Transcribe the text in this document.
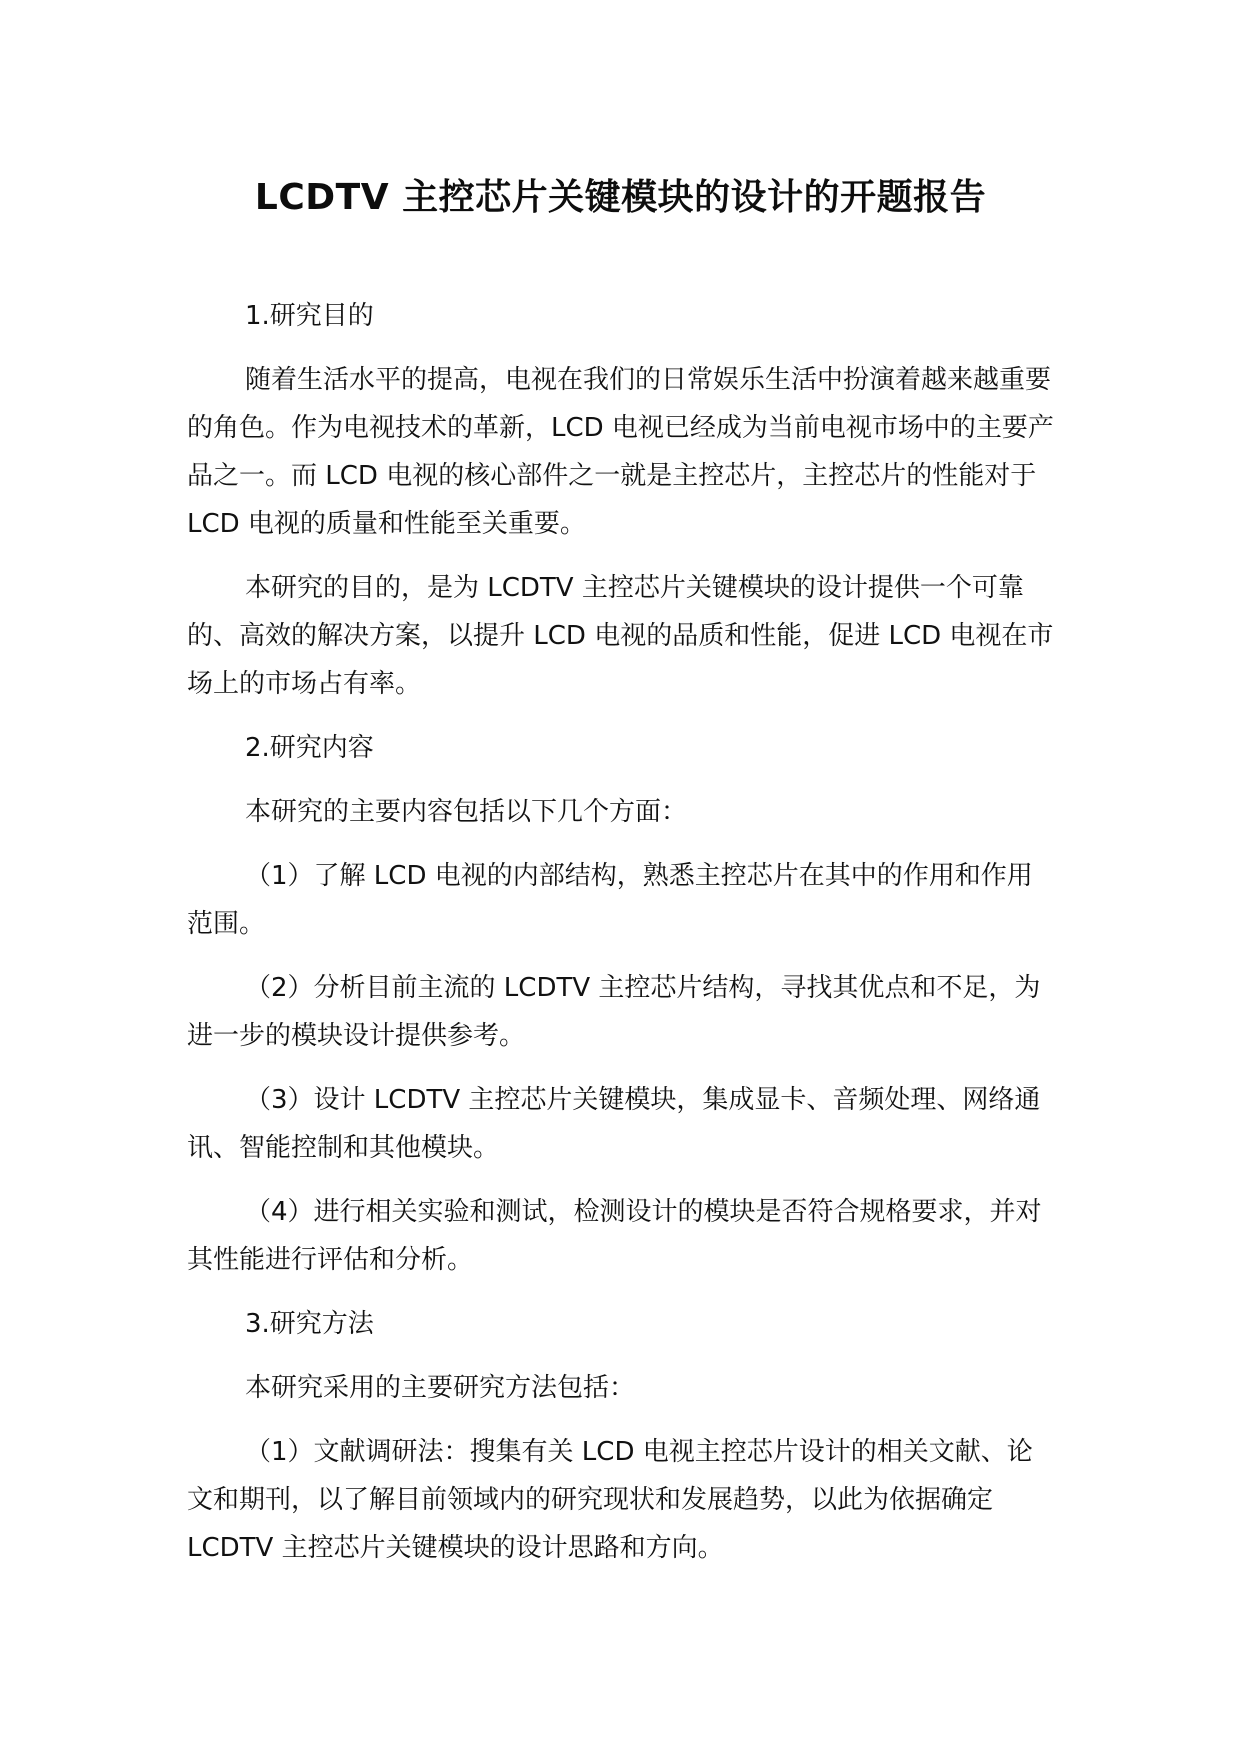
LCDTV 主控芯片关键模块的设计的开题报告

1.研究目的

随着生活水平的提高，电视在我们的日常娱乐生活中扮演着越来越重要的角色。作为电视技术的革新，LCD 电视已经成为当前电视市场中的主要产品之一。而 LCD 电视的核心部件之一就是主控芯片，主控芯片的性能对于 LCD 电视的质量和性能至关重要。

本研究的目的，是为 LCDTV 主控芯片关键模块的设计提供一个可靠的、高效的解决方案，以提升 LCD 电视的品质和性能，促进 LCD 电视在市场上的市场占有率。

2.研究内容

本研究的主要内容包括以下几个方面：

（1）了解 LCD 电视的内部结构，熟悉主控芯片在其中的作用和作用范围。

（2）分析目前主流的 LCDTV 主控芯片结构，寻找其优点和不足，为进一步的模块设计提供参考。

（3）设计 LCDTV 主控芯片关键模块，集成显卡、音频处理、网络通讯、智能控制和其他模块。

（4）进行相关实验和测试，检测设计的模块是否符合规格要求，并对其性能进行评估和分析。

3.研究方法

本研究采用的主要研究方法包括：

（1）文献调研法：搜集有关 LCD 电视主控芯片设计的相关文献、论文和期刊，以了解目前领域内的研究现状和发展趋势，以此为依据确定 LCDTV 主控芯片关键模块的设计思路和方向。
